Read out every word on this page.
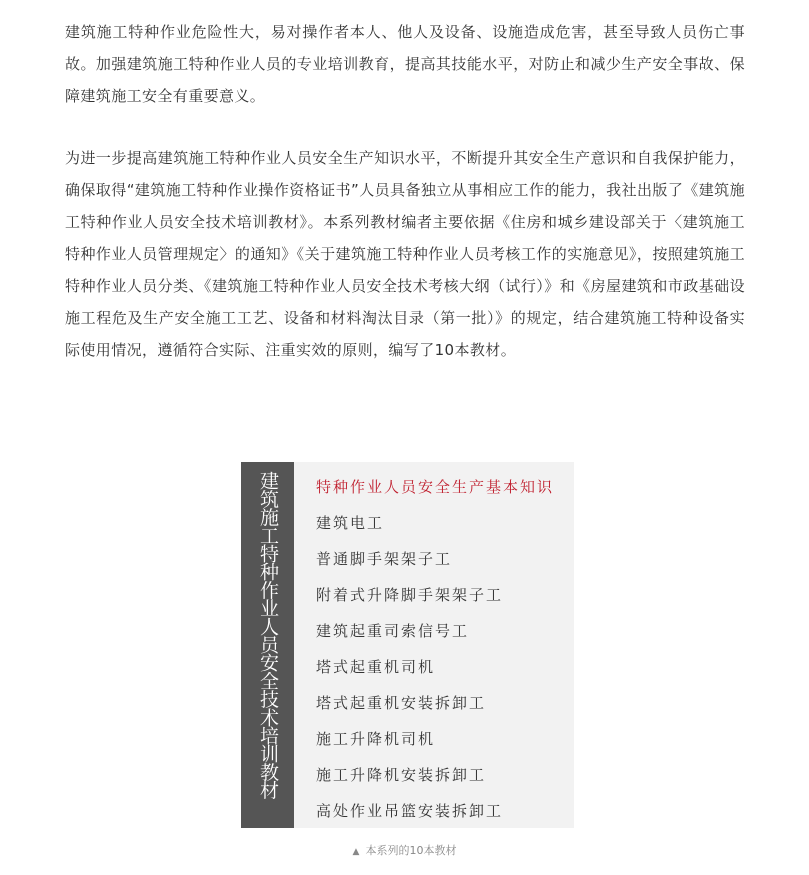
建筑施工特种作业危险性大，易对操作者本人、他人及设备、设施造成危害，甚至导致人员伤亡事故。加强建筑施工特种作业人员的专业培训教育，提高其技能水平，对防止和减少生产安全事故、保障建筑施工安全有重要意义。

为进一步提高建筑施工特种作业人员安全生产知识水平，不断提升其安全生产意识和自我保护能力，确保取得“建筑施工特种作业操作资格证书”人员具备独立从事相应工作的能力，我社出版了《建筑施工特种作业人员安全技术培训教材》。本系列教材编者主要依据《住房和城乡建设部关于〈建筑施工特种作业人员管理规定〉的通知》《关于建筑施工特种作业人员考核工作的实施意见》，按照建筑施工特种作业人员分类、《建筑施工特种作业人员安全技术考核大纲（试行）》和《房屋建筑和市政基础设施工程危及生产安全施工工艺、设备和材料淘汰目录（第一批）》的规定，结合建筑施工特种设备实际使用情况，遵循符合实际、注重实效的原则，编写了10本教材。

建筑施工特种作业人员安全技术培训教材	特种作业人员安全生产基本知识
建筑电工
普通脚手架架子工
附着式升降脚手架架子工
建筑起重司索信号工
塔式起重机司机
塔式起重机安装拆卸工
施工升降机司机
施工升降机安装拆卸工
高处作业吊篮安装拆卸工
▲ 本系列的10本教材
